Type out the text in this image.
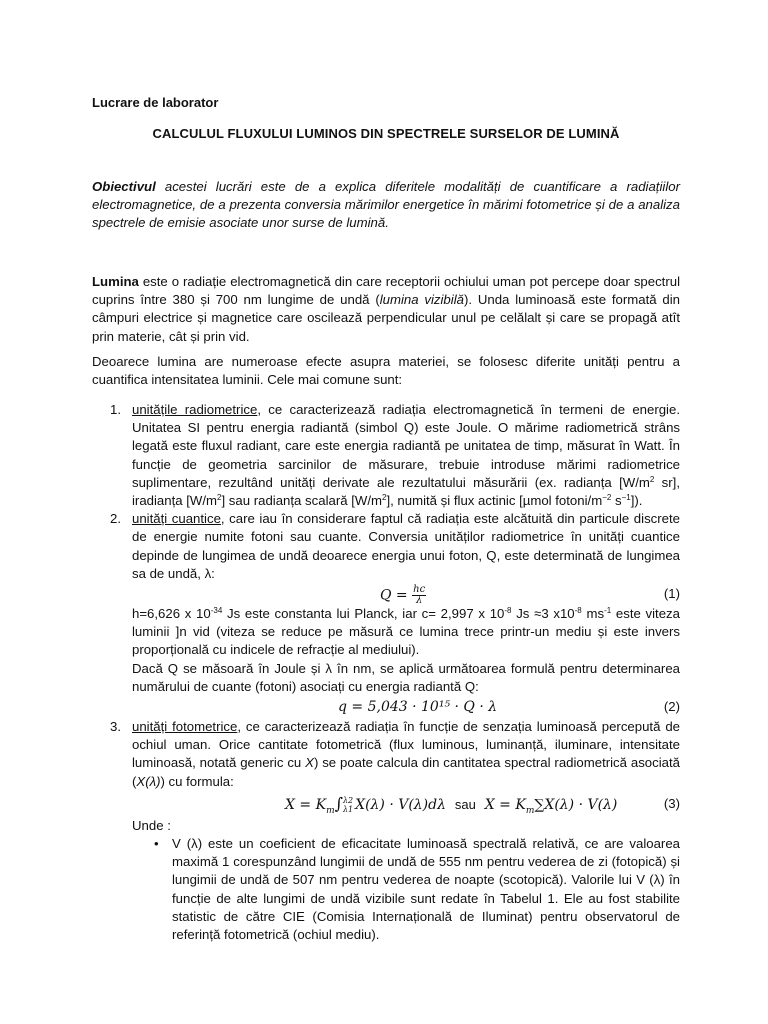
Lucrare de laborator
CALCULUL FLUXULUI LUMINOS DIN SPECTRELE SURSELOR DE LUMINĂ
Obiectivul acestei lucrări este de a explica diferitele modalități de cuantificare a radiațiilor electromagnetice, de a prezenta conversia mărimilor energetice în mărimi fotometrice și de a analiza spectrele de emisie asociate unor surse de lumină.
Lumina este o radiație electromagnetică din care receptorii ochiului uman pot percepe doar spectrul cuprins între 380 și 700 nm lungime de undă (lumina vizibilă). Unda luminoasă este formată din câmpuri electrice și magnetice care oscilează perpendicular unul pe celălalt și care se propagă atît prin materie, cât și prin vid.
Deoarece lumina are numeroase efecte asupra materiei, se folosesc diferite unități pentru a cuantifica intensitatea luminii. Cele mai comune sunt:
1. unitățile radiometrice, ce caracterizează radiația electromagnetică în termeni de energie. Unitatea SI pentru energia radiantă (simbol Q) este Joule. O mărime radiometrică strâns legată este fluxul radiant, care este energia radiantă pe unitatea de timp, măsurat în Watt. În funcție de geometria sarcinilor de măsurare, trebuie introduse mărimi radiometrice suplimentare, rezultând unități derivate ale rezultatului măsurării (ex. radianța [$W/m^2$ sr], iradianța $[W/m^2]$ sau radianța scalară $[W/m^2]$, numită și flux actinic [µmol fotoni/$m^{-2}$ $s^{-1}$]).
2. unități cuantice, care iau în considerare faptul că radiația este alcătuită din particule discrete de energie numite fotoni sau cuante. Conversia unităților radiometrice în unități cuantice depinde de lungimea de undă deoarece energia unui foton, Q, este determinată de lungimea sa de undă, λ:
$Q = \frac{hc}{\lambda}$	(1)
h=6,626 x $10^{-34}$ Js este constanta lui Planck, iar c= 2,997 x $10^{-8}$ Js ≈3 $x10^{-8}$ $ms^{-1}$ este viteza luminii ]n vid (viteza se reduce pe măsură ce lumina trece printr-un mediu și este invers proporțională cu indicele de refracție al mediului).
Dacă Q se măsoară în Joule și λ în nm, se aplică următoarea formulă pentru determinarea numărului de cuante (fotoni) asociați cu energia radiantă Q:
q = 5,043 · 10¹⁵ · Q · λ	(2)
3. unități fotometrice, ce caracterizează radiația în funcție de senzația luminoasă percepută de ochiul uman. Orice cantitate fotometrică (flux luminous, luminanță, iluminare, intensitate luminoasă, notată generic cu X) se poate calcula din cantitatea spectral radiometrică asociată (X(λ)) cu formula:
$X = K_m\int$ λ2
λ1 X(λ) · V(λ)dλ sau $X = K_m\sum X(\lambda) \cdot V(\lambda)$	(3)
Unde :
• V (λ) este un coeficient de eficacitate luminoasă spectrală relativă, ce are valoarea maximă 1 corespunzând lungimii de undă de 555 nm pentru vederea de zi (fotopică) și lungimii de undă de 507 nm pentru vederea de noapte (scotopică). Valorile lui V (λ) în funcție de alte lungimi de undă vizibile sunt redate în Tabelul 1. Ele au fost stabilite statistic de către CIE (Comisia Internațională de Iluminat) pentru observatorul de referință fotometrică (ochiul mediu).
